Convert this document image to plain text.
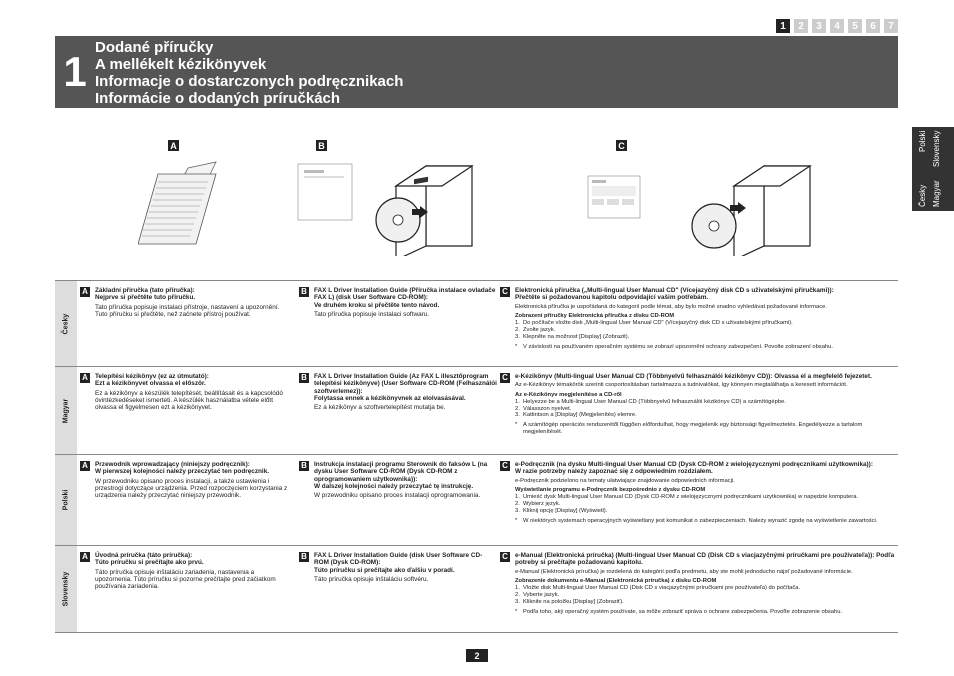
1	2	3	4	5	6	7
1
Dodané příručky
A mellékelt kézikönyvek
Informacje o dostarczonych podręcznikach
Informácie o dodaných príručkách
Česky
Polski
Magyar
Slovensky
A	B	C
Česky
A	Základní příručka (tato příručka):
Nejprve si přečtěte tuto příručku.
Tato příručka popisuje instalaci přístroje, nastavení a upozornění. Tuto příručku si přečtěte, než začnete přístroj používat.
B	FAX L Driver Installation Guide (Příručka instalace ovladače FAX L) (disk User Software CD-ROM):
Ve druhém kroku si přečtěte tento návod.
Tato příručka popisuje instalaci softwaru.
C	Elektronická příručka („Multi-lingual User Manual CD" (Vícejazyčný disk CD s uživatelskými příručkami)):
Přečtěte si požadovanou kapitolu odpovídající vašim potřebám.
Elektronická příručka je uspořádaná do kategorií podle témat, aby bylo možné snadno vyhledávat požadované informace.
Zobrazení příručky Elektronická příručka z disku CD-ROM
1. Do počítače vložte disk „Multi-lingual User Manual CD" (Vícejazyčný disk CD s uživatelskými příručkami).
2. Zvolte jazyk.
3. Klepněte na možnost [Display] (Zobrazit).
* V závislosti na používaném operačním systému se zobrazí upozornění ochrany zabezpečení. Povolte zobrazení obsahu.
Magyar
A	Telepítési kézikönyv (ez az útmutató):
Ezt a kézikönyvet olvassa el először.
Ez a kézikönyv a készülék telepítését, beállításait és a kapcsolódó óvintézkedéseket ismerteti. A készülék használatba vétele előtt olvassa el figyelmesen ezt a kézikönyvet.
B	FAX L Driver Installation Guide (Az FAX L illesztőprogram telepítési kézikönyve) (User Software CD-ROM (Felhasználói szoftverlemez)):
Folytassa ennek a kézikönyvnek az elolvasásával.
Ez a kézikönyv a szoftvertelepítést mutatja be.
C	e-Kézikönyv (Multi-lingual User Manual CD (Többnyelvű felhasználói kézikönyv CD)): Olvassa el a megfelelő fejezetet.
Az e-Kézikönyv témakörök szerinti csoportosításban tartalmazza a tudnivalókat, így könnyen megtalálhatja a keresett információt.
Az e-Kézikönyv megjelenítése a CD-ről
1. Helyezze be a Multi-lingual User Manual CD (Többnyelvű felhasználói kézikönyv CD) a számítógépbe.
2. Válasszon nyelvet.
3. Kattintson a [Display] (Megjelenítés) elemre.
* A számítógép operációs rendszerétől függően előfordulhat, hogy megjelenik egy biztonsági figyelmeztetés. Engedélyezze a tartalom megjelenítését.
Polski
A	Przewodnik wprowadzający (niniejszy podręcznik):
W pierwszej kolejności należy przeczytać ten podręcznik.
W przewodniku opisano proces instalacji, a także ustawienia i przestrogi dotyczące urządzenia. Przed rozpoczęciem korzystania z urządzenia należy przeczytać niniejszy przewodnik.
B	Instrukcja instalacji programu Sterownik do faksów L (na dysku User Software CD-ROM (Dysk CD-ROM z oprogramowaniem użytkownika)):
W dalszej kolejności należy przeczytać tę instrukcję.
W przewodniku opisano proces instalacji oprogramowania.
C	e-Podręcznik (na dysku Multi-lingual User Manual CD (Dysk CD-ROM z wielojęzycznymi podręcznikami użytkownika)):
W razie potrzeby należy zapoznać się z odpowiednim rozdziałem.
e-Podręcznik podzielono na tematy ułatwiające znajdowanie odpowiednich informacji.
Wyświetlanie programu e-Podręcznik bezpośrednio z dysku CD-ROM
1. Umieść dysk Multi-lingual User Manual CD (Dysk CD-ROM z wielojęzycznymi podręcznikami użytkownika) w napędzie komputera.
2. Wybierz język.
3. Kliknij opcję [Display] (Wyświetl).
* W niektórych systemach operacyjnych wyświetlany jest komunikat o zabezpieczeniach. Należy wyrazić zgodę na wyświetlenie zawartości.
Slovensky
A	Úvodná príručka (táto príručka):
Túto príručku si prečítajte ako prvú.
Táto príručka opisuje inštaláciu zariadenia, nastavenia a upozornenia. Túto príručku si pozorne prečítajte pred začiatkom používania zariadenia.
B	FAX L Driver Installation Guide (disk User Software CD-ROM (Dysk CD-ROM):
Túto príručku si prečítajte ako ďalšiu v poradí.
Táto príručka opisuje inštaláciu softvéru.
C	e-Manual (Elektronická príručka) (Multi-lingual User Manual CD (Disk CD s viacjazyčnými príručkami pre používateľa)): Podľa potreby si prečítajte požadovanú kapitolu.
e-Manual (Elektronická príručka) je rozdelená do kategórií podľa predmetu, aby ste mohli jednoducho nájsť požadované informácie.
Zobrazenie dokumentu e-Manual (Elektronická príručka) z disku CD-ROM
1. Vložte disk Multi-lingual User Manual CD (Disk CD s viacjazyčnými príručkami pre používateľa) do počítača.
2. Vyberte jazyk.
3. Kliknite na položku [Display] (Zobraziť).
* Podľa toho, aký operačný systém používate, sa môže zobraziť správa o ochrane zabezpečenia. Povoľte zobrazenie obsahu.
2
